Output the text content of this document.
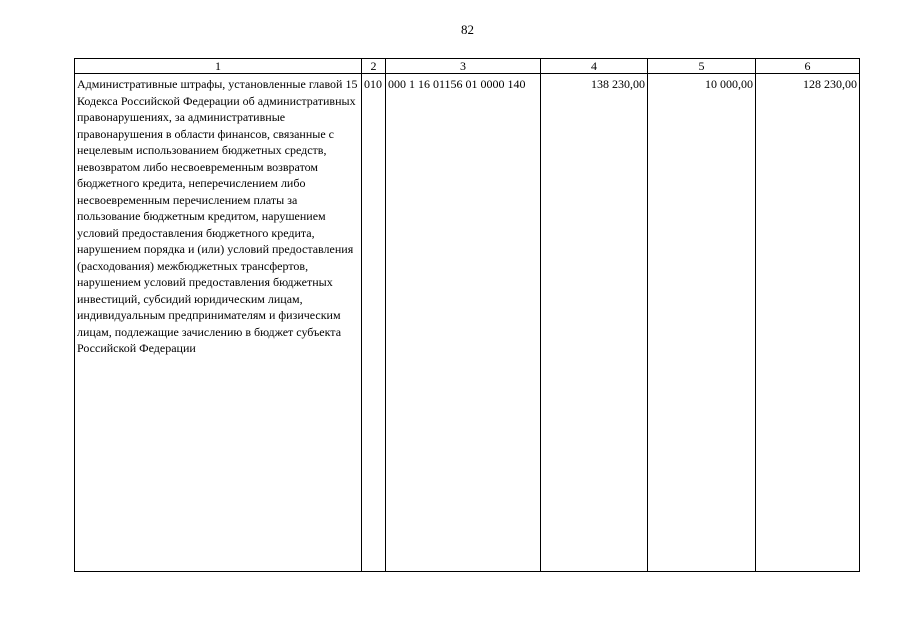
82
1	2	3	4	5	6

Административные штрафы, установленные главой 15 Кодекса Российской Федерации об административных правонарушениях, за административные правонарушения в области финансов, связанные с нецелевым использованием бюджетных средств, невозвратом либо несвоевременным возвратом бюджетного кредита, неперечислением либо несвоевременным перечислением платы за пользование бюджетным кредитом, нарушением условий предоставления бюджетного кредита, нарушением порядка и (или) условий предоставления (расходования) межбюджетных трансфертов, нарушением условий предоставления бюджетных инвестиций, субсидий юридическим лицам, индивидуальным предпринимателям и физическим лицам, подлежащие зачислению в бюджет субъекта Российской Федерации	010	000 1 16 01156 01 0000 140	138 230,00	10 000,00	128 230,00
